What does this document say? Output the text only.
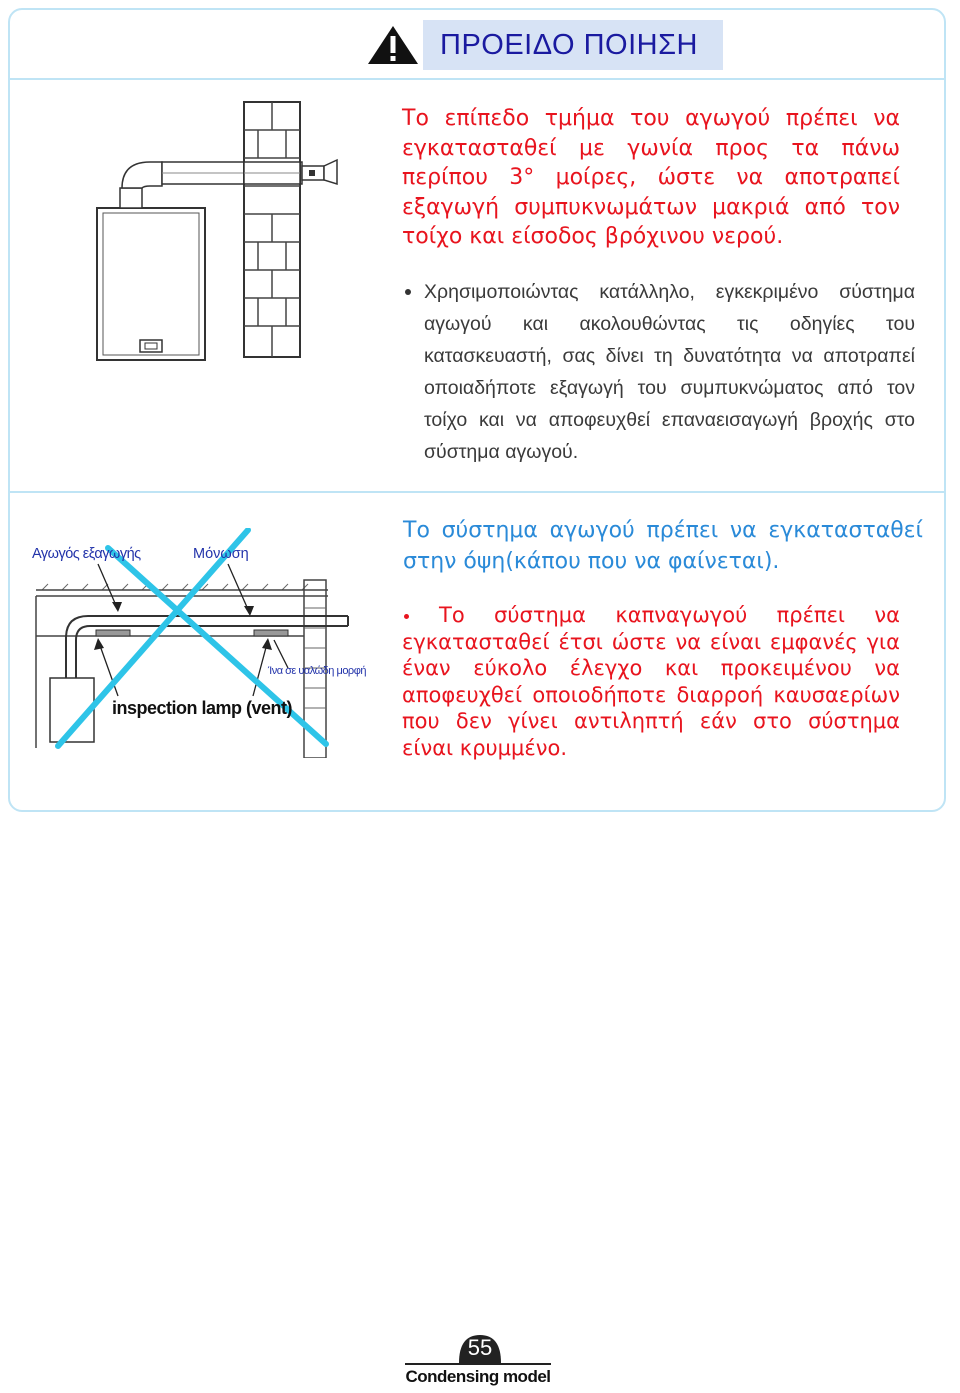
ΠΡΟΕΙΔΟ ΠΟΙΗΣΗ
Το επίπεδο τμήμα του αγωγού πρέπει να εγκατασταθεί με γωνία προς τα πάνω περίπου 3° μοίρες, ώστε να αποτραπεί εξαγωγή συμπυκνωμάτων μακριά από τον τοίχο και είσοδος βρόχινου νερού.
Χρησιμοποιώντας κατάλληλο, εγκεκριμένο σύστημα αγωγού και ακολουθώντας τις οδηγίες του κατασκευαστή, σας δίνει τη δυνατότητα να αποτραπεί οποιαδήποτε εξαγωγή του συμπυκνώματος από τον τοίχο και να αποφευχθεί επαναεισαγωγή βροχής στο σύστημα αγωγού.
Αγωγός εξαγωγής	Μόνωση
Ίνα σε υαλώδη μορφή
inspection lamp (vent)
Το σύστημα αγωγού πρέπει να εγκατασταθεί στην όψη(κάπου που να φαίνεται).
Το σύστημα καπναγωγού πρέπει να εγκατασταθεί έτσι ώστε να είναι εμφανές για έναν εύκολο έλεγχο και προκειμένου να αποφευχθεί οποιοδήποτε διαρροή καυσαερίων που δεν γίνει αντιληπτή εάν στο σύστημα είναι κρυμμένο.
55
Condensing model
